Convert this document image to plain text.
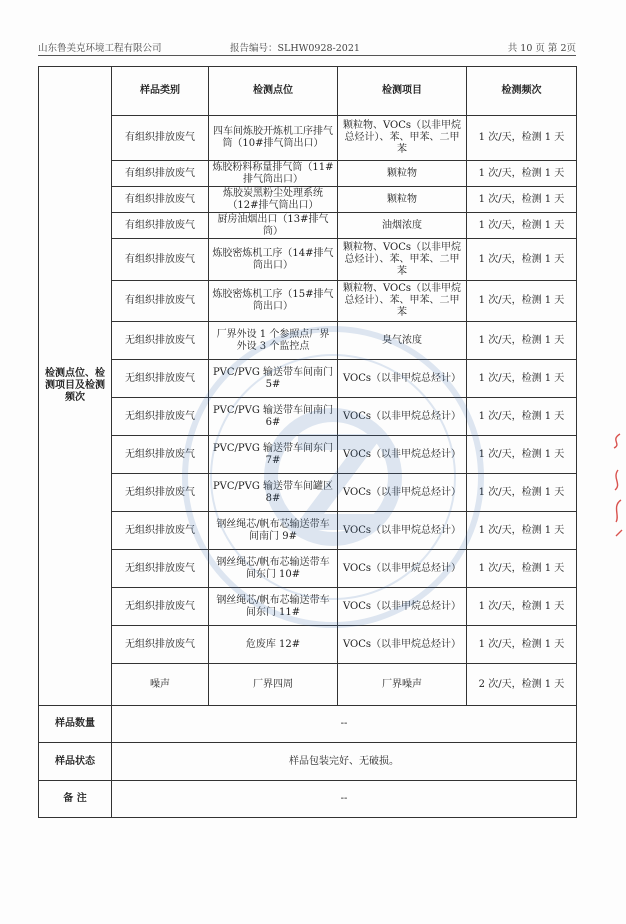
山东鲁美克环境工程有限公司	报告编号：SLHW0928-2021	共 10 页 第 2页
检测点位、检测项目及检测频次	样品类别	检测点位	检测项目	检测频次
	有组织排放废气	四车间炼胶开炼机工序排气筒（10#排气筒出口）	颗粒物、VOCs（以非甲烷总烃计）、苯、甲苯、二甲苯	1 次/天，检测 1 天
	有组织排放废气	炼胶粉料称量排气筒（11#排气筒出口）	颗粒物	1 次/天，检测 1 天
	有组织排放废气	炼胶炭黑粉尘处理系统（12#排气筒出口）	颗粒物	1 次/天，检测 1 天
	有组织排放废气	厨房油烟出口（13#排气筒）	油烟浓度	1 次/天，检测 1 天
	有组织排放废气	炼胶密炼机工序（14#排气筒出口）	颗粒物、VOCs（以非甲烷总烃计）、苯、甲苯、二甲苯	1 次/天，检测 1 天
	有组织排放废气	炼胶密炼机工序（15#排气筒出口）	颗粒物、VOCs（以非甲烷总烃计）、苯、甲苯、二甲苯	1 次/天，检测 1 天
	无组织排放废气	厂界外设 1 个参照点厂界外设 3 个监控点	臭气浓度	1 次/天，检测 1 天
	无组织排放废气	PVC/PVG 输送带车间南门 5#	VOCs（以非甲烷总烃计）	1 次/天，检测 1 天
	无组织排放废气	PVC/PVG 输送带车间南门 6#	VOCs（以非甲烷总烃计）	1 次/天，检测 1 天
	无组织排放废气	PVC/PVG 输送带车间东门 7#	VOCs（以非甲烷总烃计）	1 次/天，检测 1 天
	无组织排放废气	PVC/PVG 输送带车间罐区 8#	VOCs（以非甲烷总烃计）	1 次/天，检测 1 天
	无组织排放废气	钢丝绳芯/帆布芯输送带车间南门 9#	VOCs（以非甲烷总烃计）	1 次/天，检测 1 天
	无组织排放废气	钢丝绳芯/帆布芯输送带车间东门 10#	VOCs（以非甲烷总烃计）	1 次/天，检测 1 天
	无组织排放废气	钢丝绳芯/帆布芯输送带车间东门 11#	VOCs（以非甲烷总烃计）	1 次/天，检测 1 天
	无组织排放废气	危废库 12#	VOCs（以非甲烷总烃计）	1 次/天，检测 1 天
	噪声	厂界四周	厂界噪声	2 次/天，检测 1 天
样品数量	--			
样品状态	样品包装完好、无破损。			
备 注	--			
